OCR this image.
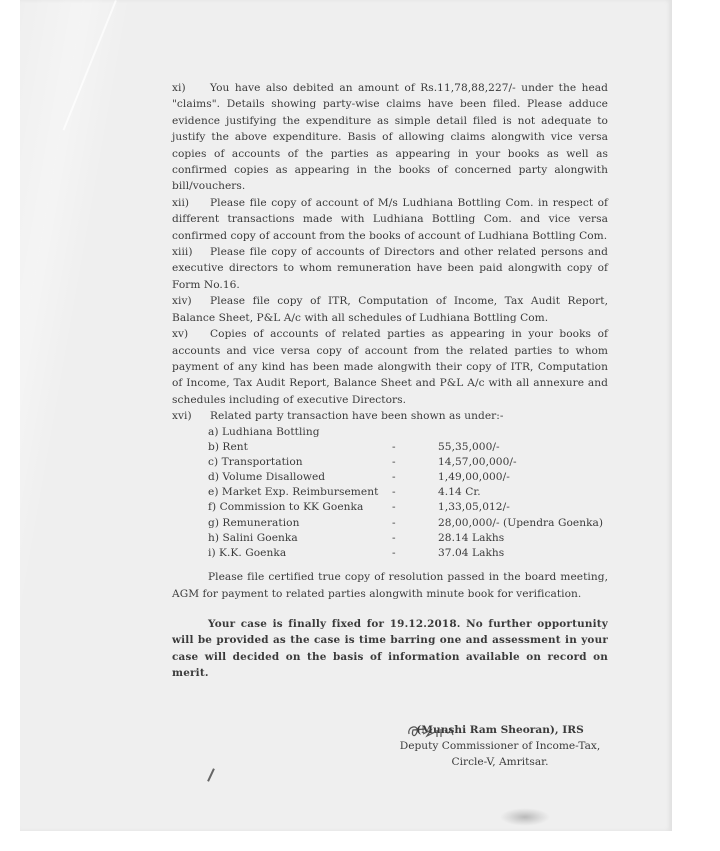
xi) You have also debited an amount of Rs.11,78,88,227/- under the head "claims". Details showing party-wise claims have been filed. Please adduce evidence justifying the expenditure as simple detail filed is not adequate to justify the above expenditure. Basis of allowing claims alongwith vice versa copies of accounts of the parties as appearing in your books as well as confirmed copies as appearing in the books of concerned party alongwith bill/vouchers.

xii) Please file copy of account of M/s Ludhiana Bottling Com. in respect of different transactions made with Ludhiana Bottling Com. and vice versa confirmed copy of account from the books of account of Ludhiana Bottling Com.

xiii) Please file copy of accounts of Directors and other related persons and executive directors to whom remuneration have been paid alongwith copy of Form No.16.

xiv) Please file copy of ITR, Computation of Income, Tax Audit Report, Balance Sheet, P&L A/c with all schedules of Ludhiana Bottling Com.

xv) Copies of accounts of related parties as appearing in your books of accounts and vice versa copy of account from the related parties to whom payment of any kind has been made alongwith their copy of ITR, Computation of Income, Tax Audit Report, Balance Sheet and P&L A/c with all annexure and schedules including of executive Directors.

xvi) Related party transaction have been shown as under:-

a) Ludhiana Bottling
b) Rent	-	55,35,000/-
c) Transportation	-	14,57,00,000/-
d) Volume Disallowed	-	1,49,00,000/-
e) Market Exp. Reimbursement -	4.14 Cr.
f) Commission to KK Goenka	-	1,33,05,012/-
g) Remuneration	-	28,00,000/- (Upendra Goenka)
h) Salini Goenka	-	28.14 Lakhs
i) K.K. Goenka	-	37.04 Lakhs

Please file certified true copy of resolution passed in the board meeting, AGM for payment to related parties alongwith minute book for verification.

Your case is finally fixed for 19.12.2018. No further opportunity will be provided as the case is time barring one and assessment in your case will decided on the basis of information available on record on merit.

(Munshi Ram Sheoran), IRS
Deputy Commissioner of Income-Tax,
Circle-V, Amritsar.
